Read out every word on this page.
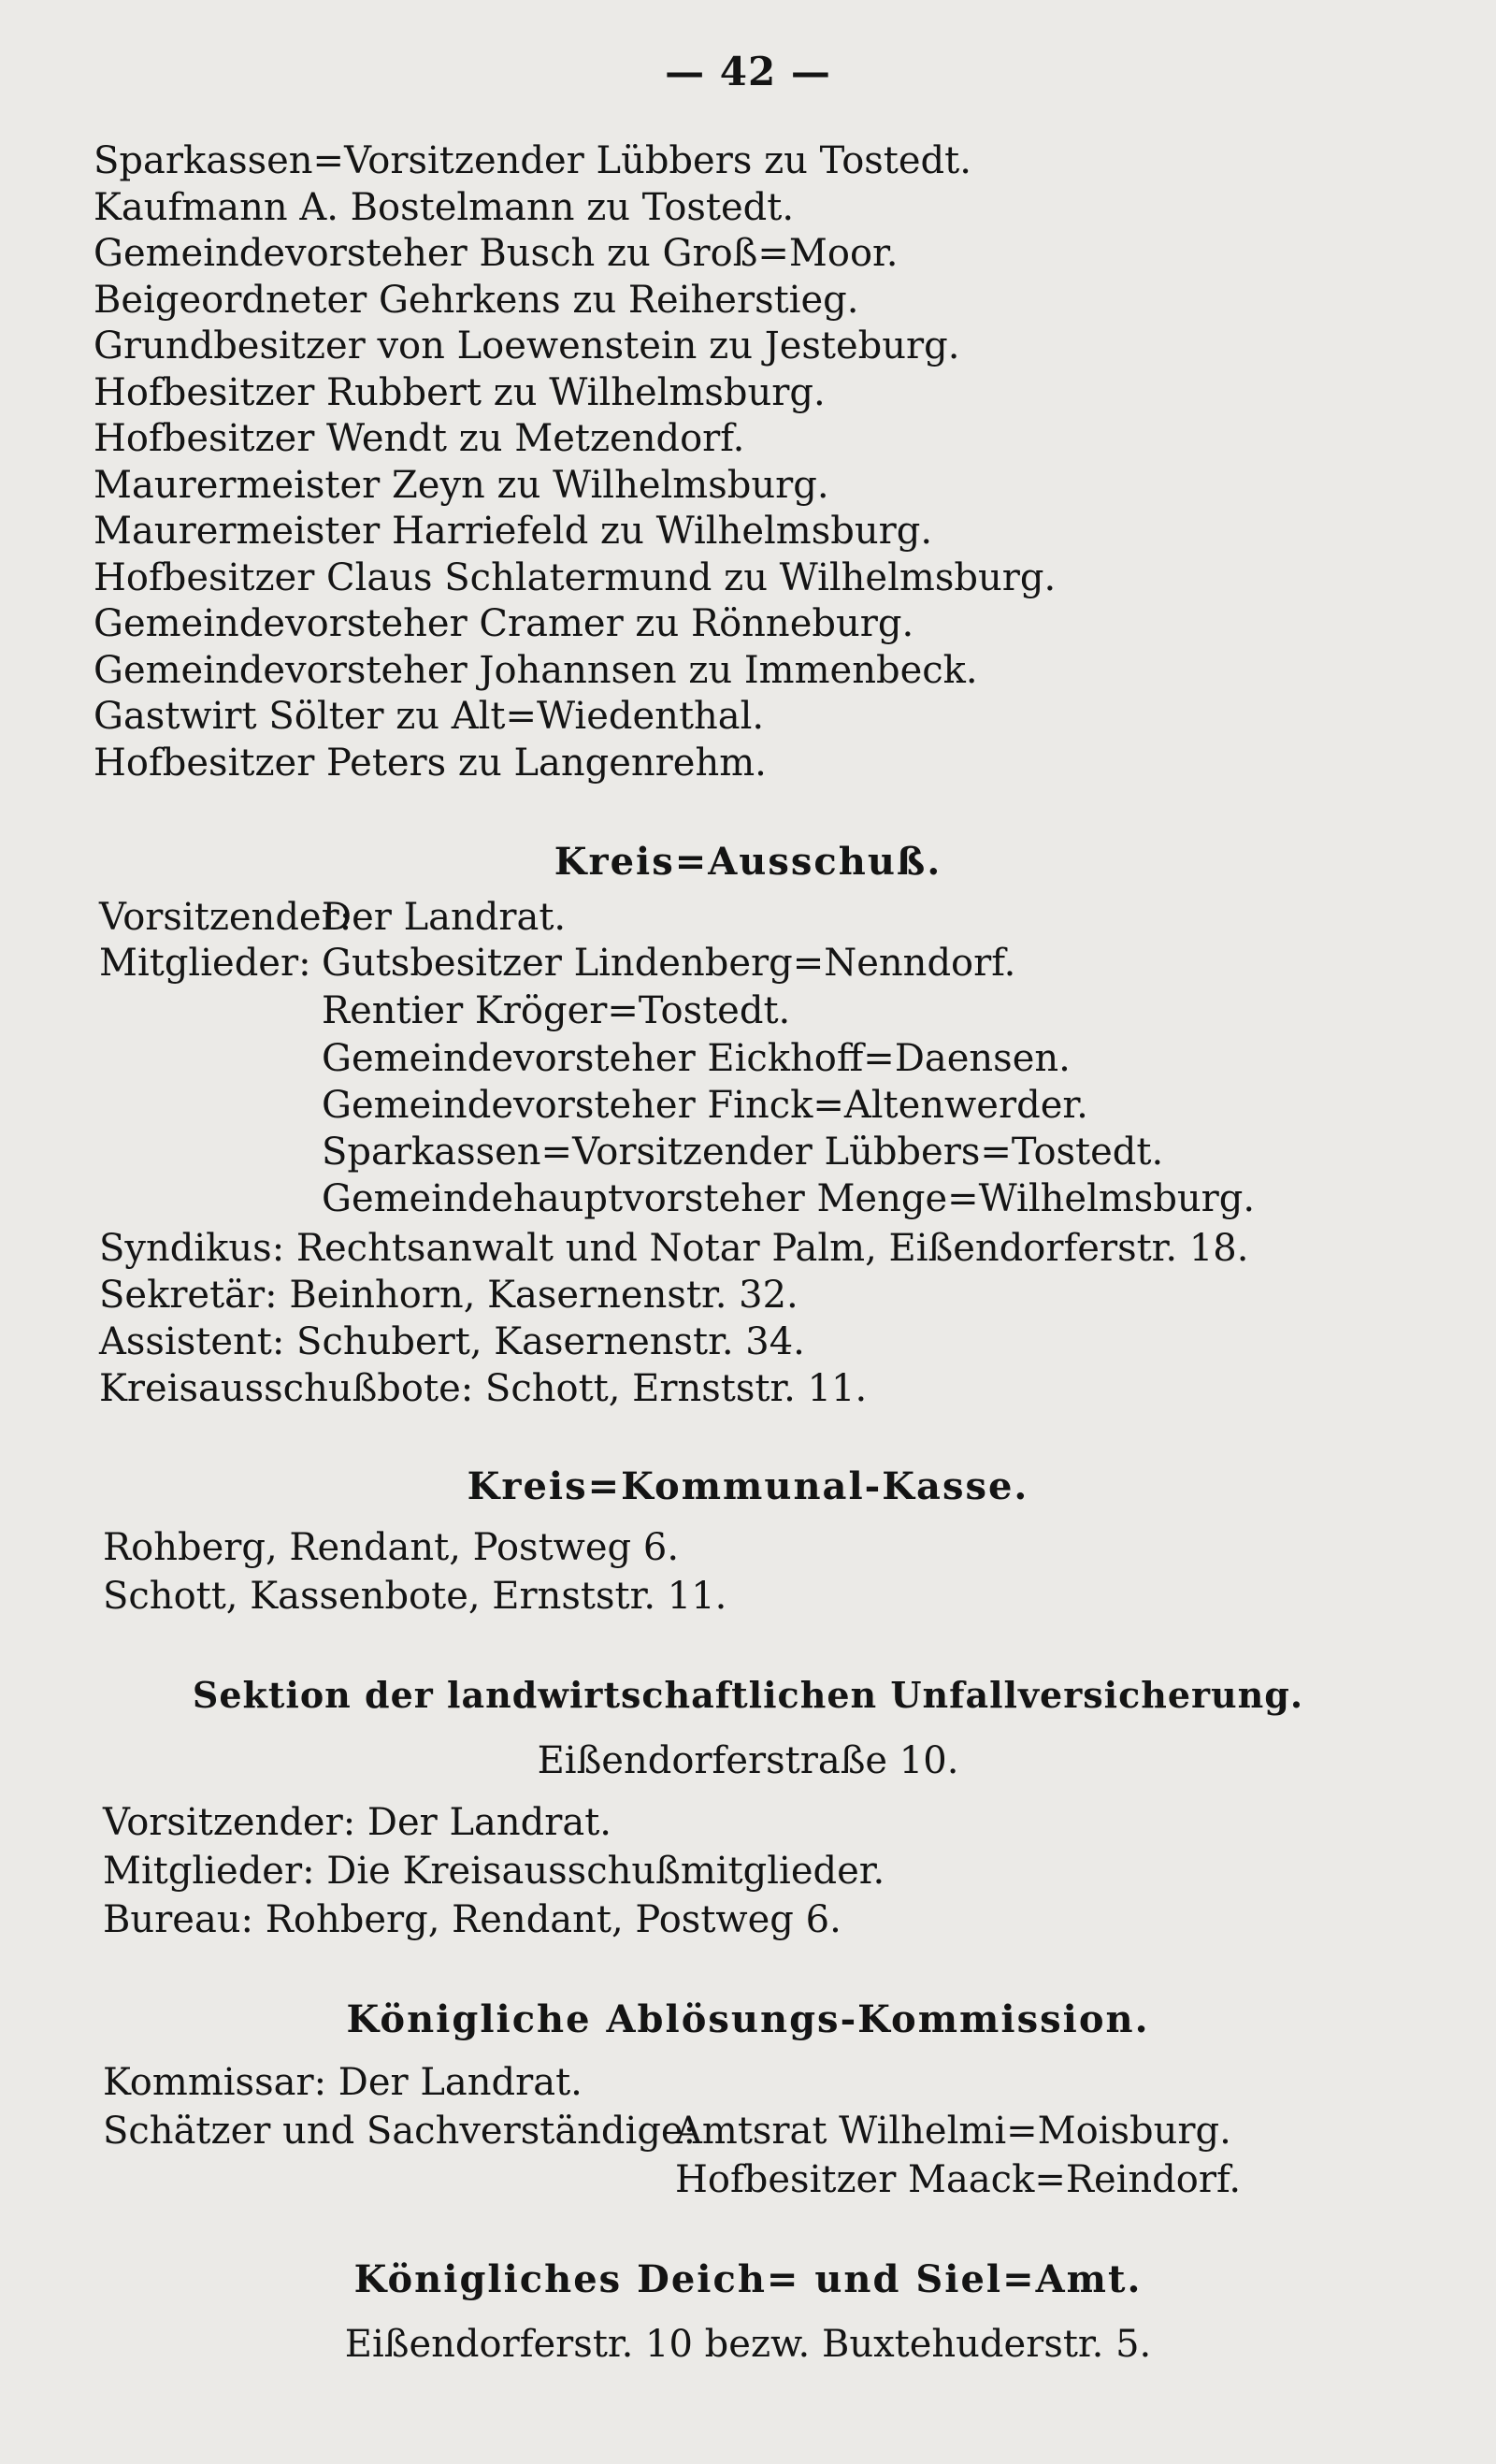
— 42 —
Sparkassen=Vorsitzender Lübbers zu Tostedt.
Kaufmann A. Bostelmann zu Tostedt.
Gemeindevorsteher Busch zu Groß=Moor.
Beigeordneter Gehrkens zu Reiherstieg.
Grundbesitzer von Loewenstein zu Jesteburg.
Hofbesitzer Rubbert zu Wilhelmsburg.
Hofbesitzer Wendt zu Metzendorf.
Maurermeister Zeyn zu Wilhelmsburg.
Maurermeister Harriefeld zu Wilhelmsburg.
Hofbesitzer Claus Schlatermund zu Wilhelmsburg.
Gemeindevorsteher Cramer zu Rönneburg.
Gemeindevorsteher Johannsen zu Immenbeck.
Gastwirt Sölter zu Alt=Wiedenthal.
Hofbesitzer Peters zu Langenrehm.
Kreis=Ausschuß.
Vorsitzender:
Der Landrat.
Mitglieder: Gutsbesitzer Lindenberg=Nenndorf.
Rentier Kröger=Tostedt.
Gemeindevorsteher Eickhoff=Daensen.
Gemeindevorsteher Finck=Altenwerder.
Sparkassen=Vorsitzender Lübbers=Tostedt.
Gemeindehauptvorsteher Menge=Wilhelmsburg.
Syndikus: Rechtsanwalt und Notar Palm, Eißendorferstr. 18.
Sekretär: Beinhorn, Kasernenstr. 32.
Assistent: Schubert, Kasernenstr. 34.
Kreisausschußbote: Schott, Ernststr. 11.
Kreis=Kommunal-Kasse.
Rohberg, Rendant, Postweg 6.
Schott, Kassenbote, Ernststr. 11.
Sektion der landwirtschaftlichen Unfallversicherung.
Eißendorferstraße 10.
Vorsitzender: Der Landrat.
Mitglieder: Die Kreisausschußmitglieder.
Bureau: Rohberg, Rendant, Postweg 6.
Königliche Ablösungs-Kommission.
Kommissar: Der Landrat.
Schätzer und Sachverständige:
Amtsrat Wilhelmi=Moisburg.
Hofbesitzer Maack=Reindorf.
Königliches Deich= und Siel=Amt.
Eißendorferstr. 10 bezw. Buxtehuderstr. 5.
